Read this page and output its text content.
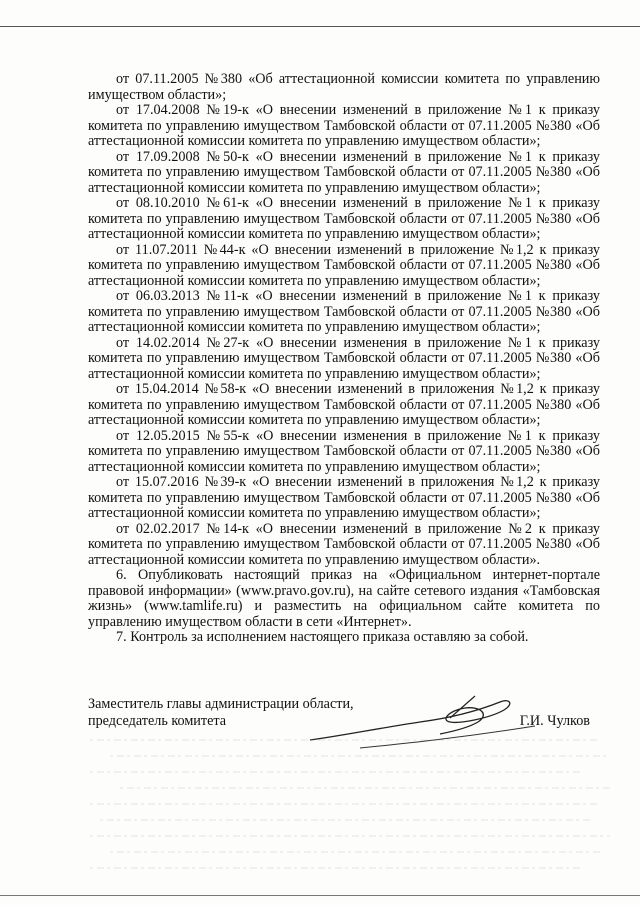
от 07.11.2005 №380 «Об аттестационной комиссии комитета по управлению имуществом области»;

от 17.04.2008 №19-к «О внесении изменений в приложение №1 к приказу комитета по управлению имуществом Тамбовской области от 07.11.2005 №380 «Об аттестационной комиссии комитета по управлению имуществом области»;

от 17.09.2008 №50-к «О внесении изменений в приложение №1 к приказу комитета по управлению имуществом Тамбовской области от 07.11.2005 №380 «Об аттестационной комиссии комитета по управлению имуществом области»;

от 08.10.2010 №61-к «О внесении изменений в приложение №1 к приказу комитета по управлению имуществом Тамбовской области от 07.11.2005 №380 «Об аттестационной комиссии комитета по управлению имуществом области»;

от 11.07.2011 №44-к «О внесении изменений в приложение №1,2 к приказу комитета по управлению имуществом Тамбовской области от 07.11.2005 №380 «Об аттестационной комиссии комитета по управлению имуществом области»;

от 06.03.2013 №11-к «О внесении изменений в приложение №1 к приказу комитета по управлению имуществом Тамбовской области от 07.11.2005 №380 «Об аттестационной комиссии комитета по управлению имуществом области»;

от 14.02.2014 №27-к «О внесении изменения в приложение №1 к приказу комитета по управлению имуществом Тамбовской области от 07.11.2005 №380 «Об аттестационной комиссии комитета по управлению имуществом области»;

от 15.04.2014 №58-к «О внесении изменений в приложения №1,2 к приказу комитета по управлению имуществом Тамбовской области от 07.11.2005 №380 «Об аттестационной комиссии комитета по управлению имуществом области»;

от 12.05.2015 №55-к «О внесении изменения в приложение №1 к приказу комитета по управлению имуществом Тамбовской области от 07.11.2005 №380 «Об аттестационной комиссии комитета по управлению имуществом области»;

от 15.07.2016 №39-к «О внесении изменений в приложения №1,2 к приказу комитета по управлению имуществом Тамбовской области от 07.11.2005 №380 «Об аттестационной комиссии комитета по управлению имуществом области»;

от 02.02.2017 №14-к «О внесении изменений в приложение №2 к приказу комитета по управлению имуществом Тамбовской области от 07.11.2005 №380 «Об аттестационной комиссии комитета по управлению имуществом области».

6. Опубликовать настоящий приказ на «Официальном интернет-портале правовой информации» (www.pravo.gov.ru), на сайте сетевого издания «Тамбовская жизнь» (www.tamlife.ru) и разместить на официальном сайте комитета по управлению имуществом области в сети «Интернет».

7. Контроль за исполнением настоящего приказа оставляю за собой.

Заместитель главы администрации области,
председатель комитета	Г.И. Чулков
